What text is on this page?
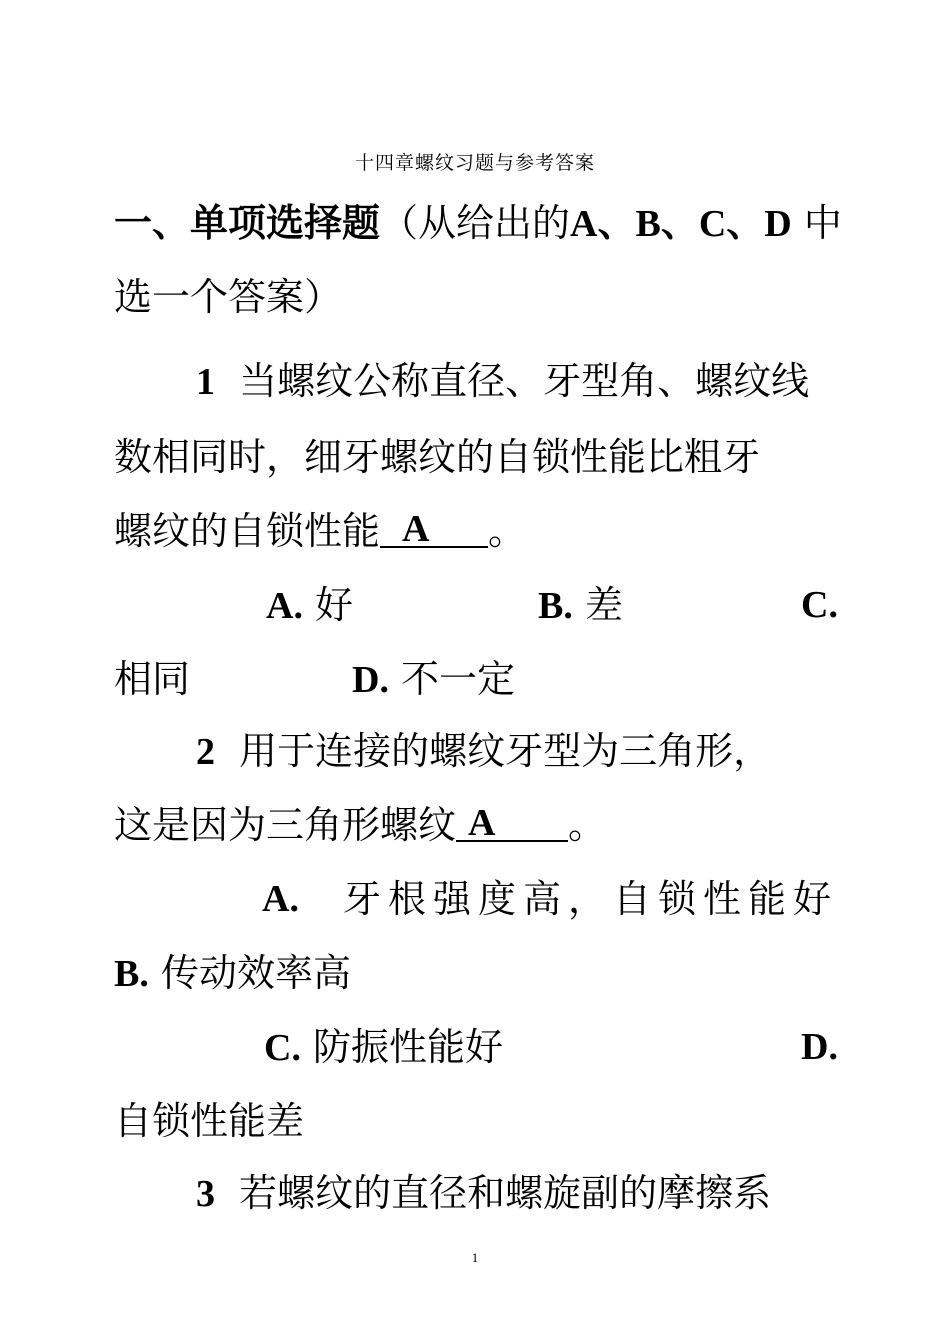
十四章螺纹习题与参考答案
一、单项选择题（从给出的A、B、C、D 中
选一个答案）
1 当螺纹公称直径、牙型角、螺纹线
数相同时，细牙螺纹的自锁性能比粗牙
螺纹的自锁性能 A 。
A. 好	B. 差	C.
相同	D. 不一定
2 用于连接的螺纹牙型为三角形，
这是因为三角形螺纹 A 。
A. 牙根强度高，自锁性能好
B. 传动效率高
C. 防振性能好	D.
自锁性能差
3 若螺纹的直径和螺旋副的摩擦系
1
